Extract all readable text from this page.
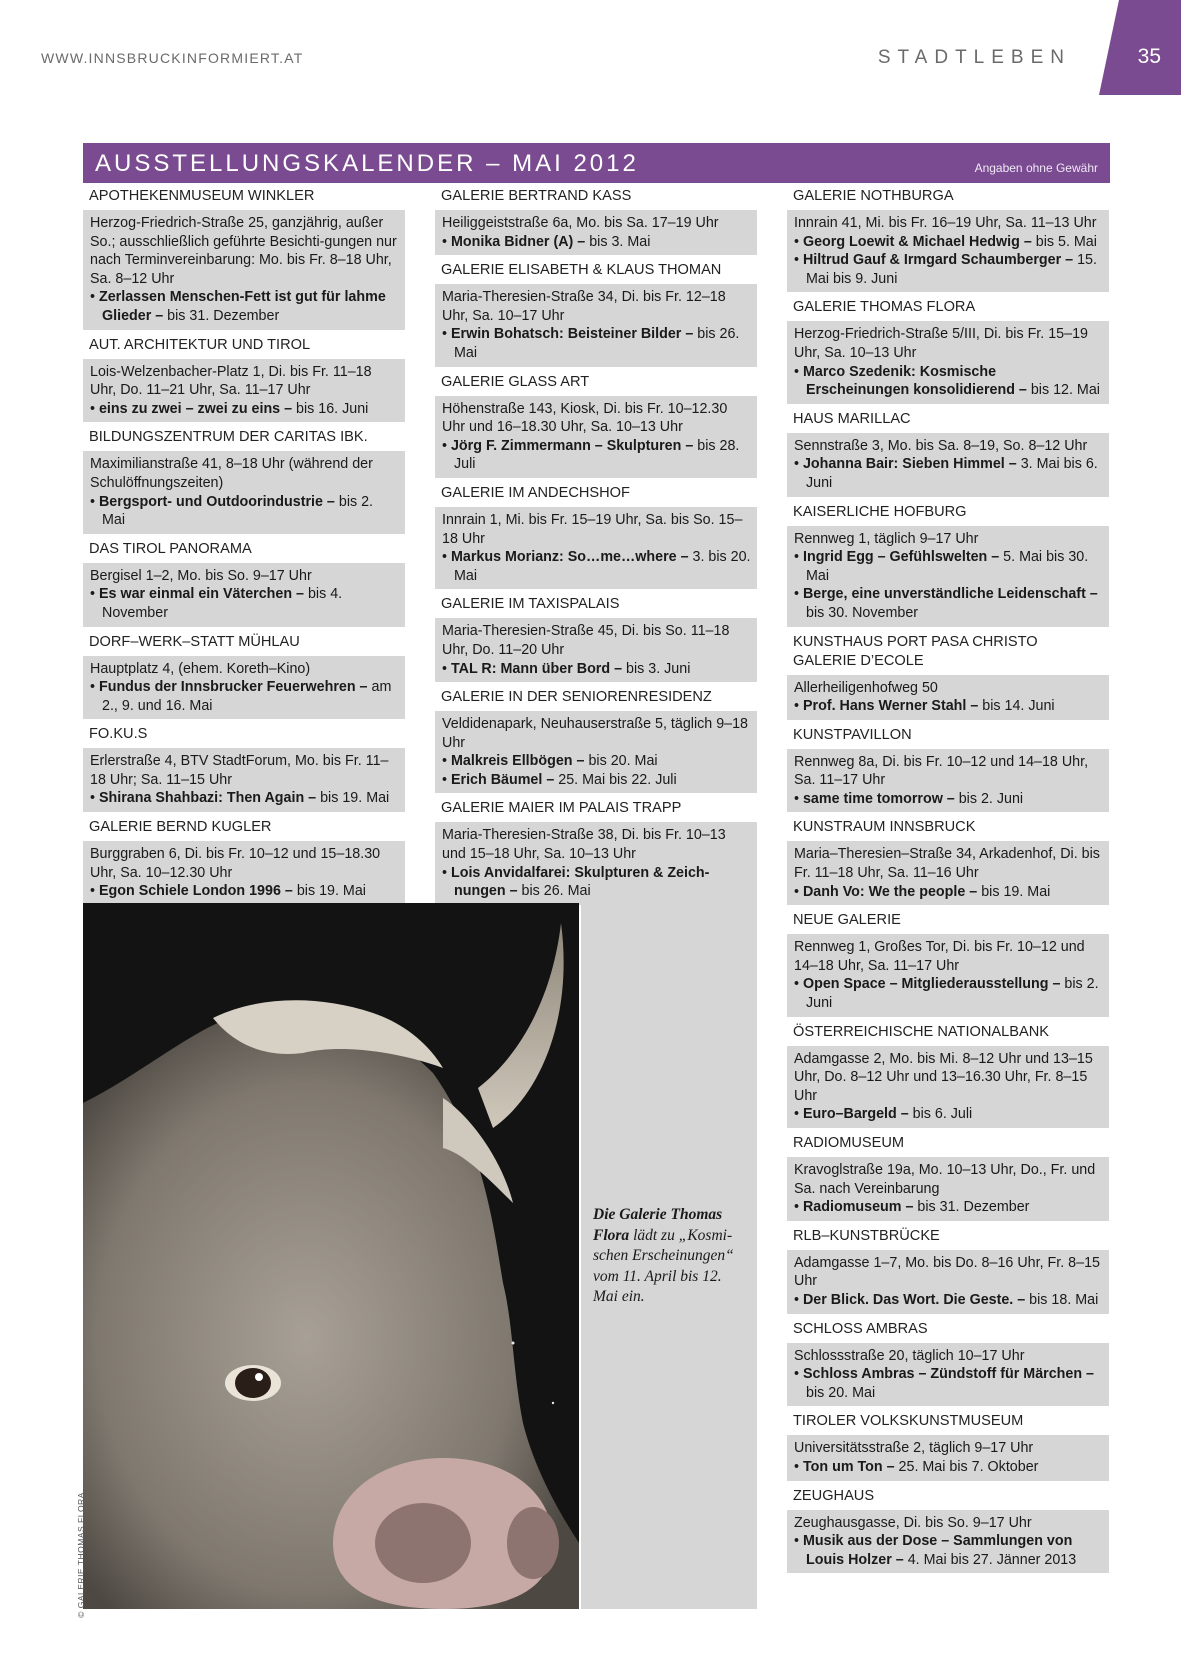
WWW.INNSBRUCKINFORMIERT.AT	STADTLEBEN	35
AUSSTELLUNGSKALENDER – MAI 2012	Angaben ohne Gewähr
APOTHEKENMUSEUM WINKLER
Herzog-Friedrich-Straße 25, ganzjährig, außer So.; ausschließlich geführte Besichti-gungen nur nach Terminvereinbarung: Mo. bis Fr. 8–18 Uhr, Sa. 8–12 Uhr
• Zerlassen Menschen-Fett ist gut für lahme Glieder – bis 31. Dezember
AUT. ARCHITEKTUR UND TIROL
Lois-Welzenbacher-Platz 1, Di. bis Fr. 11–18 Uhr, Do. 11–21 Uhr, Sa. 11–17 Uhr
• eins zu zwei – zwei zu eins – bis 16. Juni
BILDUNGSZENTRUM DER CARITAS IBK.
Maximilianstraße 41, 8–18 Uhr (während der Schulöffnungszeiten)
• Bergsport- und Outdoorindustrie – bis 2. Mai
DAS TIROL PANORAMA
Bergisel 1–2, Mo. bis So. 9–17 Uhr
• Es war einmal ein Väterchen – bis 4. November
DORF–WERK–STATT MÜHLAU
Hauptplatz 4, (ehem. Koreth–Kino)
• Fundus der Innsbrucker Feuerwehren – am 2., 9. und 16. Mai
FO.KU.S
Erlerstraße 4, BTV StadtForum, Mo. bis Fr. 11–18 Uhr; Sa. 11–15 Uhr
• Shirana Shahbazi: Then Again – bis 19. Mai
GALERIE BERND KUGLER
Burggraben 6, Di. bis Fr. 10–12 und 15–18.30 Uhr, Sa. 10–12.30 Uhr
• Egon Schiele London 1996 – bis 19. Mai
GALERIE BERTRAND KASS
Heiliggeiststraße 6a, Mo. bis Sa. 17–19 Uhr
• Monika Bidner (A) – bis 3. Mai
GALERIE ELISABETH & KLAUS THOMAN
Maria-Theresien-Straße 34, Di. bis Fr. 12–18 Uhr, Sa. 10–17 Uhr
• Erwin Bohatsch: Beisteiner Bilder – bis 26. Mai
GALERIE GLASS ART
Höhenstraße 143, Kiosk, Di. bis Fr. 10–12.30 Uhr und 16–18.30 Uhr, Sa. 10–13 Uhr
• Jörg F. Zimmermann – Skulpturen – bis 28. Juli
GALERIE IM ANDECHSHOF
Innrain 1, Mi. bis Fr. 15–19 Uhr, Sa. bis So. 15–18 Uhr
• Markus Morianz: So…me…where – 3. bis 20. Mai
GALERIE IM TAXISPALAIS
Maria-Theresien-Straße 45, Di. bis So. 11–18 Uhr, Do. 11–20 Uhr
• TAL R: Mann über Bord – bis 3. Juni
GALERIE IN DER SENIORENRESIDENZ
Veldidenapark, Neuhauserstraße 5, täglich 9–18 Uhr
• Malkreis Ellbögen – bis 20. Mai
• Erich Bäumel – 25. Mai bis 22. Juli
GALERIE MAIER IM PALAIS TRAPP
Maria-Theresien-Straße 38, Di. bis Fr. 10–13 und 15–18 Uhr, Sa. 10–13 Uhr
• Lois Anvidalfarei: Skulpturen & Zeich-nungen – bis 26. Mai
GALERIE NOTHBURGA
Innrain 41, Mi. bis Fr. 16–19 Uhr, Sa. 11–13 Uhr
• Georg Loewit & Michael Hedwig – bis 5. Mai
• Hiltrud Gauf & Irmgard Schaumberger – 15. Mai bis 9. Juni
GALERIE THOMAS FLORA
Herzog-Friedrich-Straße 5/III, Di. bis Fr. 15–19 Uhr, Sa. 10–13 Uhr
• Marco Szedenik: Kosmische Erscheinungen konsolidierend – bis 12. Mai
HAUS MARILLAC
Sennstraße 3, Mo. bis Sa. 8–19, So. 8–12 Uhr
• Johanna Bair: Sieben Himmel – 3. Mai bis 6. Juni
KAISERLICHE HOFBURG
Rennweg 1, täglich 9–17 Uhr
• Ingrid Egg – Gefühlswelten – 5. Mai bis 30. Mai
• Berge, eine unverständliche Leidenschaft – bis 30. November
KUNSTHAUS PORT PASA CHRISTO GALERIE D’ECOLE
Allerheiligenhofweg 50
• Prof. Hans Werner Stahl – bis 14. Juni
KUNSTPAVILLON
Rennweg 8a, Di. bis Fr. 10–12 und 14–18 Uhr, Sa. 11–17 Uhr
• same time tomorrow – bis 2. Juni
KUNSTRAUM INNSBRUCK
Maria–Theresien–Straße 34, Arkadenhof, Di. bis Fr. 11–18 Uhr, Sa. 11–16 Uhr
• Danh Vo: We the people – bis 19. Mai
NEUE GALERIE
Rennweg 1, Großes Tor, Di. bis Fr. 10–12 und 14–18 Uhr, Sa. 11–17 Uhr
• Open Space – Mitgliederausstellung – bis 2. Juni
ÖSTERREICHISCHE NATIONALBANK
Adamgasse 2, Mo. bis Mi. 8–12 Uhr und 13–15 Uhr, Do. 8–12 Uhr und 13–16.30 Uhr, Fr. 8–15 Uhr
• Euro–Bargeld – bis 6. Juli
RADIOMUSEUM
Kravoglstraße 19a, Mo. 10–13 Uhr, Do., Fr. und Sa. nach Vereinbarung
• Radiomuseum – bis 31. Dezember
RLB–KUNSTBRÜCKE
Adamgasse 1–7, Mo. bis Do. 8–16 Uhr, Fr. 8–15 Uhr
• Der Blick. Das Wort. Die Geste. – bis 18. Mai
SCHLOSS AMBRAS
Schlossstraße 20, täglich 10–17 Uhr
• Schloss Ambras – Zündstoff für Märchen – bis 20. Mai
TIROLER VOLKSKUNSTMUSEUM
Universitätsstraße 2, täglich 9–17 Uhr
• Ton um Ton – 25. Mai bis 7. Oktober
ZEUGHAUS
Zeughausgasse, Di. bis So. 9–17 Uhr
• Musik aus der Dose – Sammlungen von Louis Holzer – 4. Mai bis 27. Jänner 2013
© GALERIE THOMAS FLORA
Die Galerie Thomas Flora lädt zu „Kosmi-schen Erscheinungen“ vom 11. April bis 12. Mai ein.
